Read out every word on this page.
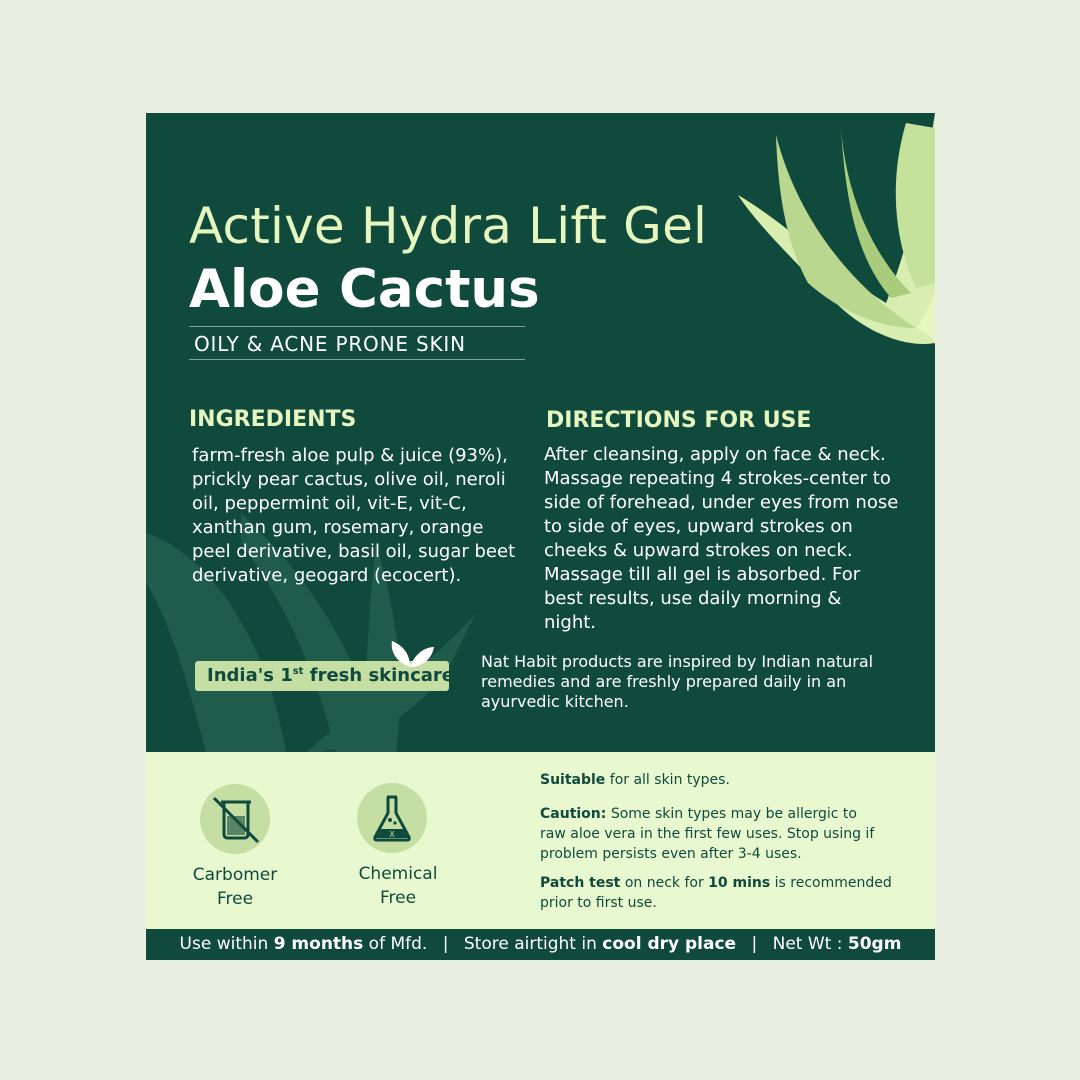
Active Hydra Lift Gel
Aloe Cactus
OILY & ACNE PRONE SKIN
INGREDIENTS

farm-fresh aloe pulp & juice (93%), prickly pear cactus, olive oil, neroli oil, peppermint oil, vit-E, vit-C, xanthan gum, rosemary, orange peel derivative, basil oil, sugar beet derivative, geogard (ecocert).

DIRECTIONS FOR USE

After cleansing, apply on face & neck. Massage repeating 4 strokes-center to side of forehead, under eyes from nose to side of eyes, upward strokes on cheeks & upward strokes on neck. Massage till all gel is absorbed. For best results, use daily morning & night.

India's 1st fresh skincare

Nat Habit products are inspired by Indian natural remedies and are freshly prepared daily in an ayurvedic kitchen.

Carbomer
Free
X
Chemical
Free

Suitable for all skin types.

Caution: Some skin types may be allergic to raw aloe vera in the first few uses. Stop using if problem persists even after 3-4 uses.

Patch test on neck for 10 mins is recommended prior to first use.

Use within 9 months of Mfd. | Store airtight in cool dry place | Net Wt : 50gm
